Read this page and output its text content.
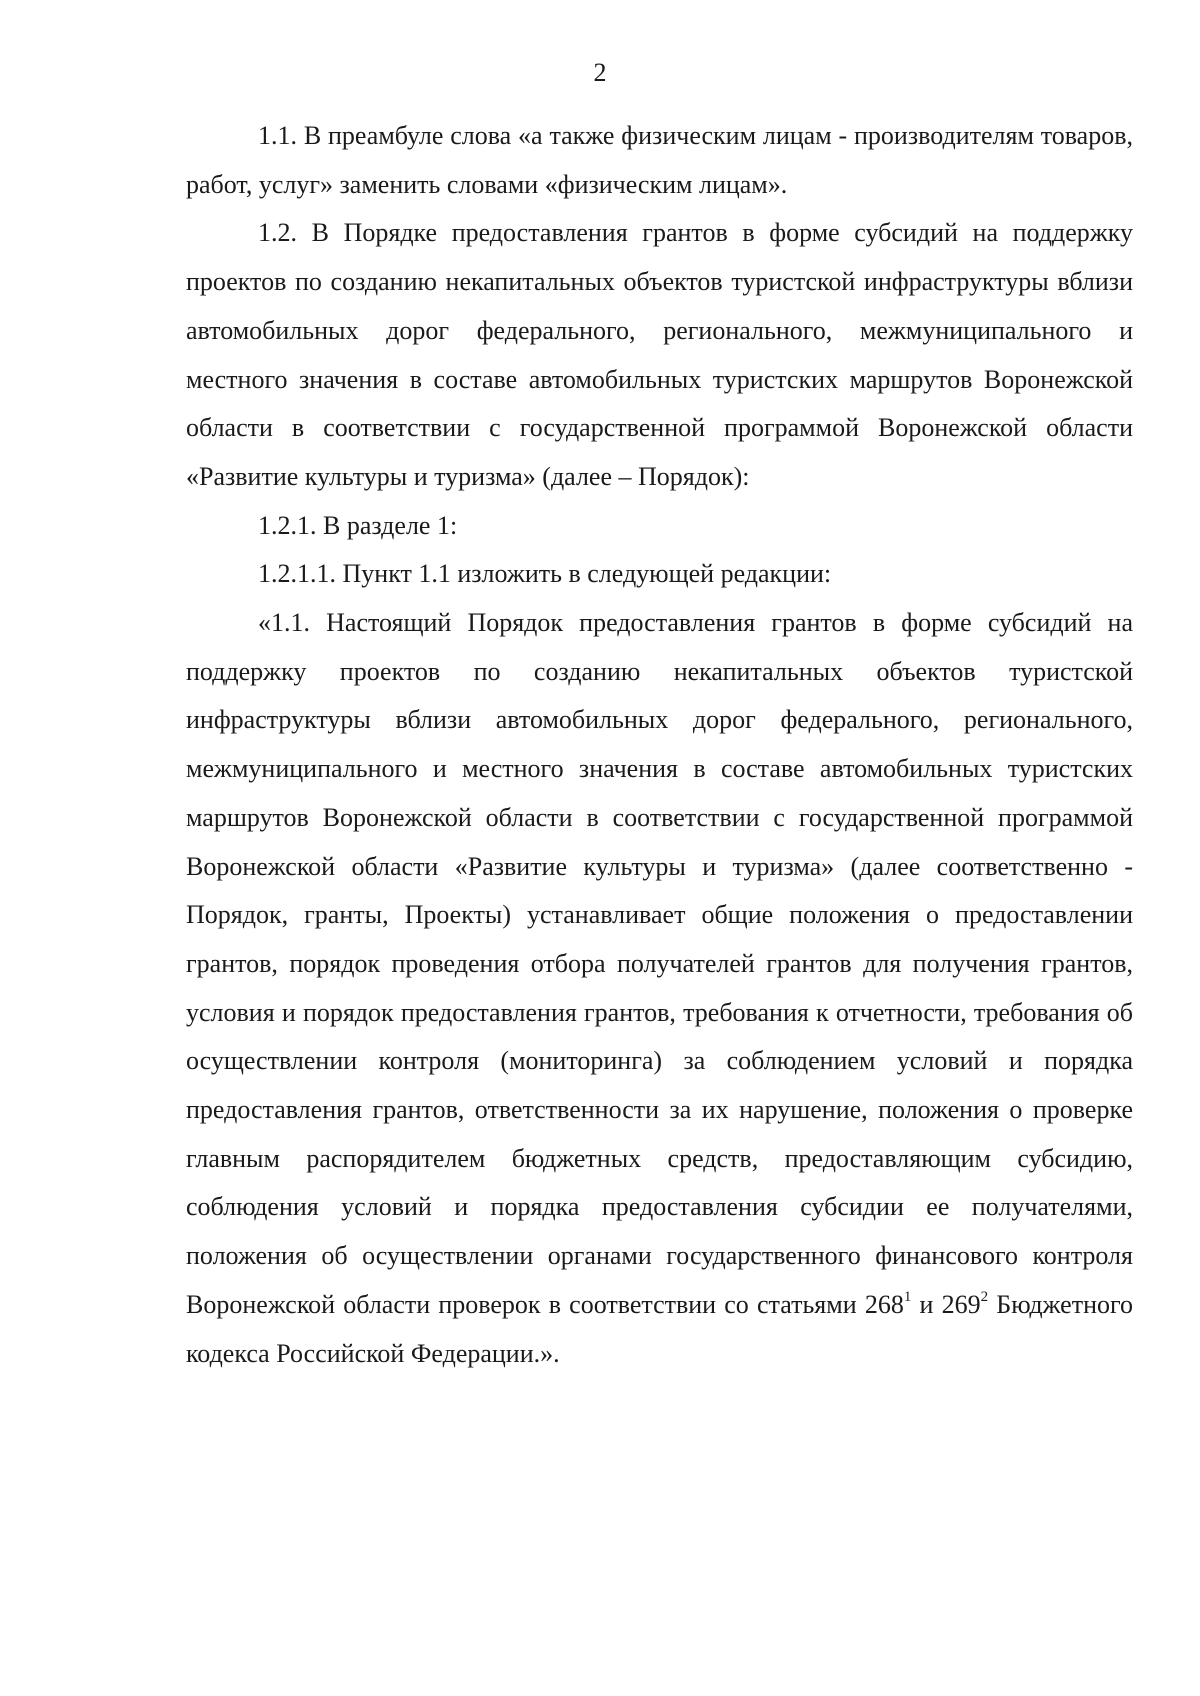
2

1.1. В преамбуле слова «а также физическим лицам - производителям товаров, работ, услуг» заменить словами «физическим лицам».

1.2. В Порядке предоставления грантов в форме субсидий на поддержку проектов по созданию некапитальных объектов туристской инфраструктуры вблизи автомобильных дорог федерального, регионального, межмуниципального и местного значения в составе автомобильных туристских маршрутов Воронежской области в соответствии с государственной программой Воронежской области «Развитие культуры и туризма» (далее – Порядок):

1.2.1. В разделе 1:

1.2.1.1. Пункт 1.1 изложить в следующей редакции:

«1.1. Настоящий Порядок предоставления грантов в форме субсидий на поддержку проектов по созданию некапитальных объектов туристской инфраструктуры вблизи автомобильных дорог федерального, регионального, межмуниципального и местного значения в составе автомобильных туристских маршрутов Воронежской области в соответствии с государственной программой Воронежской области «Развитие культуры и туризма» (далее соответственно - Порядок, гранты, Проекты) устанавливает общие положения о предоставлении грантов, порядок проведения отбора получателей грантов для получения грантов, условия и порядок предоставления грантов, требования к отчетности, требования об осуществлении контроля (мониторинга) за соблюдением условий и порядка предоставления грантов, ответственности за их нарушение, положения о проверке главным распорядителем бюджетных средств, предоставляющим субсидию, соблюдения условий и порядка предоставления субсидии ее получателями, положения об осуществлении органами государственного финансового контроля Воронежской области проверок в соответствии со статьями $268^1$ и $269^2$ Бюджетного кодекса Российской Федерации.».
